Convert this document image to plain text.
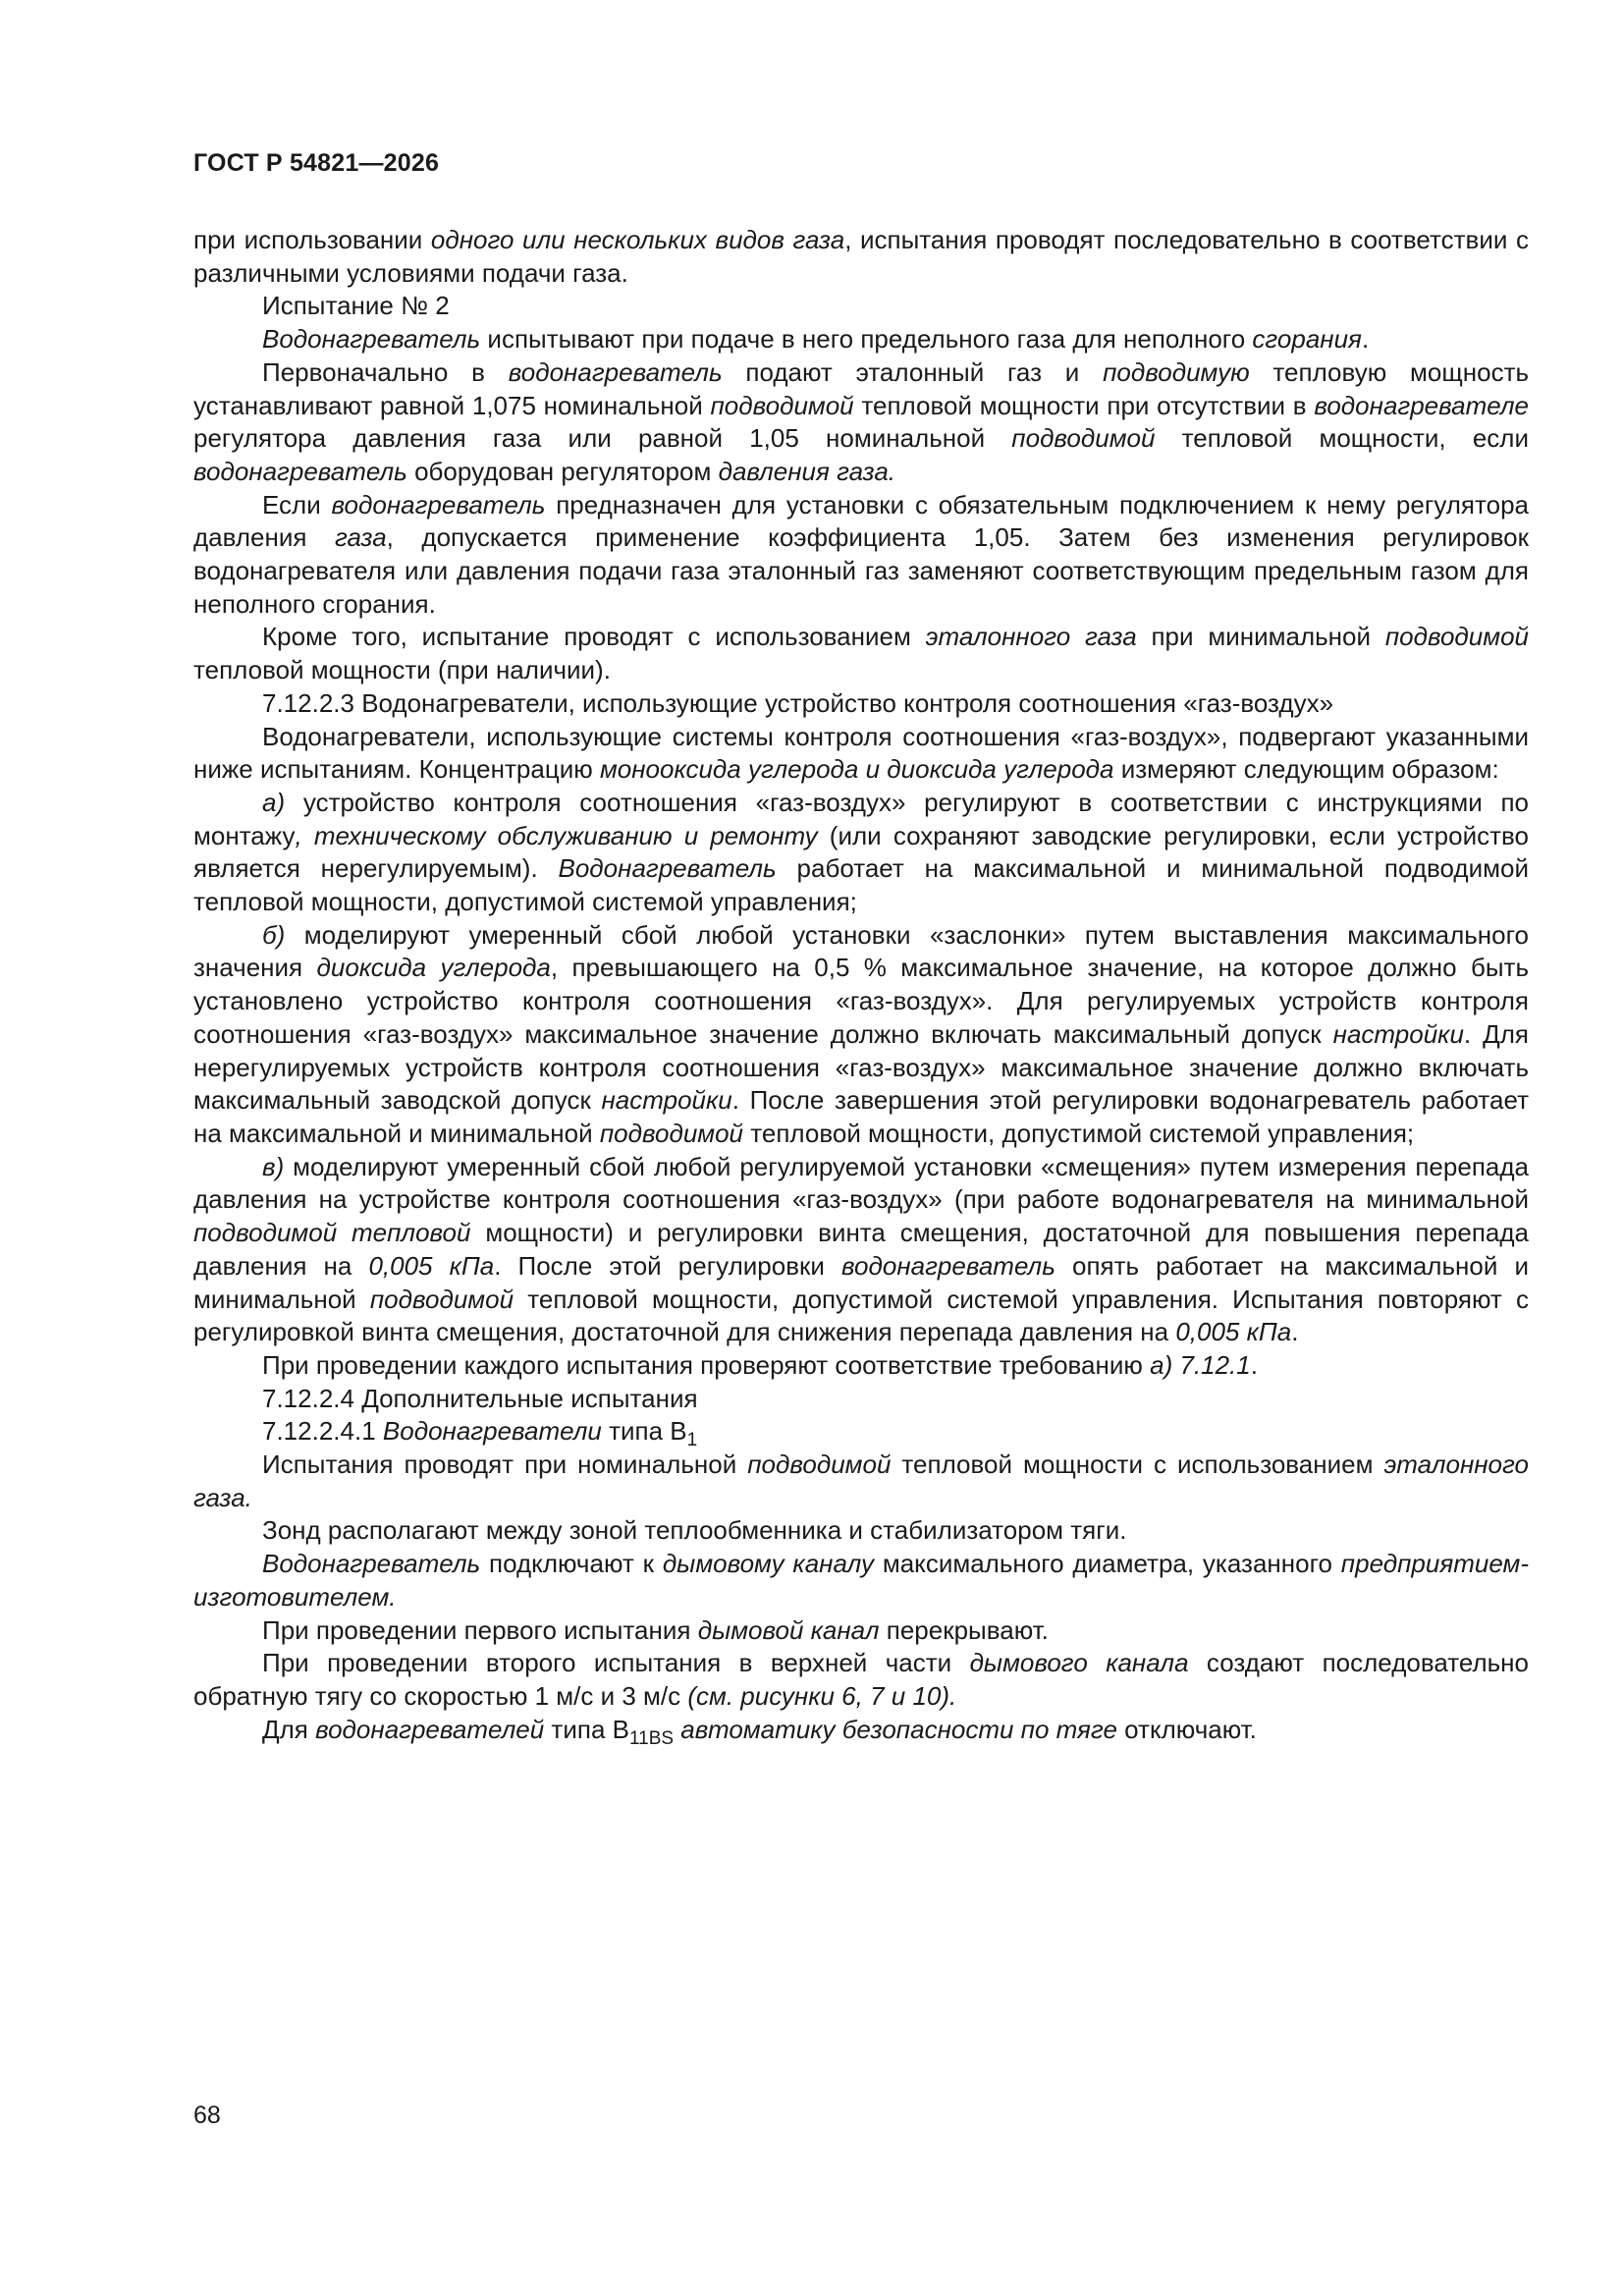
ГОСТ Р 54821—2026

при использовании одного или нескольких видов газа, испытания проводят последовательно в соответствии с различными условиями подачи газа.

Испытание № 2

Водонагреватель испытывают при подаче в него предельного газа для неполного сгорания.

Первоначально в водонагреватель подают эталонный газ и подводимую тепловую мощность устанавливают равной 1,075 номинальной подводимой тепловой мощности при отсутствии в водонагревателе регулятора давления газа или равной 1,05 номинальной подводимой тепловой мощности, если водонагреватель оборудован регулятором давления газа.

Если водонагреватель предназначен для установки с обязательным подключением к нему регулятора давления газа, допускается применение коэффициента 1,05. Затем без изменения регулировок водонагревателя или давления подачи газа эталонный газ заменяют соответствующим предельным газом для неполного сгорания.

Кроме того, испытание проводят с использованием эталонного газа при минимальной подводимой тепловой мощности (при наличии).

7.12.2.3 Водонагреватели, использующие устройство контроля соотношения «газ-воздух»

Водонагреватели, использующие системы контроля соотношения «газ-воздух», подвергают указанными ниже испытаниям. Концентрацию монооксида углерода и диоксида углерода измеряют следующим образом:

а) устройство контроля соотношения «газ-воздух» регулируют в соответствии с инструкциями по монтажу, техническому обслуживанию и ремонту (или сохраняют заводские регулировки, если устройство является нерегулируемым). Водонагреватель работает на максимальной и минимальной подводимой тепловой мощности, допустимой системой управления;

б) моделируют умеренный сбой любой установки «заслонки» путем выставления максимального значения диоксида углерода, превышающего на 0,5 % максимальное значение, на которое должно быть установлено устройство контроля соотношения «газ-воздух». Для регулируемых устройств контроля соотношения «газ-воздух» максимальное значение должно включать максимальный допуск настройки. Для нерегулируемых устройств контроля соотношения «газ-воздух» максимальное значение должно включать максимальный заводской допуск настройки. После завершения этой регулировки водонагреватель работает на максимальной и минимальной подводимой тепловой мощности, допустимой системой управления;

в) моделируют умеренный сбой любой регулируемой установки «смещения» путем измерения перепада давления на устройстве контроля соотношения «газ-воздух» (при работе водонагревателя на минимальной подводимой тепловой мощности) и регулировки винта смещения, достаточной для повышения перепада давления на 0,005 кПа. После этой регулировки водонагреватель опять работает на максимальной и минимальной подводимой тепловой мощности, допустимой системой управления. Испытания повторяют с регулировкой винта смещения, достаточной для снижения перепада давления на 0,005 кПа.

При проведении каждого испытания проверяют соответствие требованию а) 7.12.1.

7.12.2.4 Дополнительные испытания

7.12.2.4.1 Водонагреватели типа $В_1$

Испытания проводят при номинальной подводимой тепловой мощности с использованием эталонного газа.

Зонд располагают между зоной теплообменника и стабилизатором тяги.

Водонагреватель подключают к дымовому каналу максимального диаметра, указанного предприятием-изготовителем.

При проведении первого испытания дымовой канал перекрывают.

При проведении второго испытания в верхней части дымового канала создают последовательно обратную тягу со скоростью 1 м/с и 3 м/с (см. рисунки 6, 7 и 10).

Для водонагревателей типа $В_{11BS}$ автоматику безопасности по тяге отключают.

68
